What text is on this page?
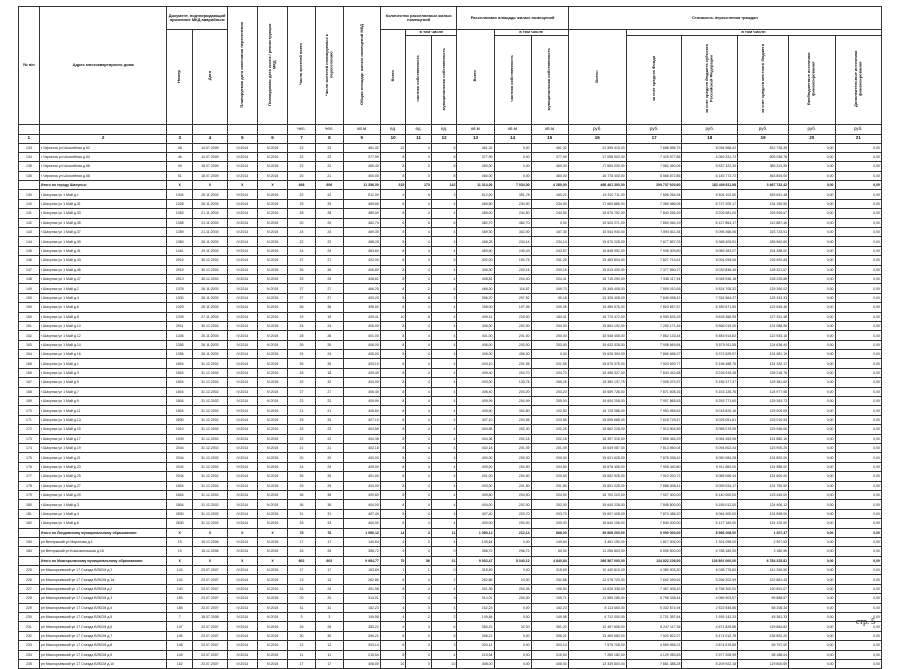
№ п/п	Адрес многоквартирного дома	Документ, подтверждающий признание МКД аварийным		Планируемая дата окончания переселения	Планируемая дата сноса / реконструкции МКД	Число жителей всего	Число жителей планируемых к переселению	Общая площадь жилых помещений МКД	Количество расселяемых жилых помещений			Расселяемая площадь жилых помещений			Стоимость переселения граждан					
		Номер	Дата						Всего	в том числе		Всего	в том числе		Всего:	в том числе:				
										частная собственность	муниципальная собственность		частная собственность	муниципальная собственность		за счет средств Фонда	за счет средств бюджета субъекта Российской Федерации	за счет средств местного бюджета	Внебюджетные источники финансирования	Дополнительные источники финансирования
						чел.	чел.	кв.м	ед.	ед.	ед.	кв.м	кв.м	кв.м	руб.	руб.	руб.	руб.	руб.	руб.
1	2	3	4	5	6	7	8	9	10	11	12	13	14	15	16	17	18	19	20	21
133	г Черкесск ул Шоссейная д.52	48	14.07.2009	IV.2014	IV.2015	22	22	461,32	12	4	8	461,32	0,00	461,32	21 599 410,00	7 688 556,79	5 094 568,42	812 728,28	0,00	0,00
134	г Черкесск ул Шоссейная д.54	46	14.07.2009	IV.2014	IV.2015	22	22	377,99	8	0	8	377,99	0,00	377,99	17 058 900,00	7 429 977,86	4 069 331,72	805 036,76	0,00	0,00
135	г Черкесск ул Шоссейная д.56	49	18.07.2009	IV.2014	IV.2015	22	22	460,40	8	0	8	460,00	0,00	460,00	17 669 000,00	7 962 450,05	5 537 322,30	389 312,95	0,00	0,00
136	г Черкесск ул Шоссейная д.58	51	18.07.2009	IV.2014	IV.2015	20	21	460,00	8	0	8	460,00	0,00	460,00	16 778 400,00	8 568 872,86	6 145 773,72	463 893,00	0,00	0,00
	Итого по городу Шахунья:	X	X	X	X	646	606	11 356,00	315	173	142	11 314,00	7 034,00	4 280,00	468 461 300,00	209 737 920,60	182 409 811,98	3 667 732,42	0,00	0,00
139	г Шахунья ул 1 Май д.1	1304	25.11.2003	IV.2014	IV.2015	22	22	512,00	9	6	3	512,00	351,78	160,22	19 310 711,00	7 506 264,94	5 504 102,60	525 631,48	0,00	0,00
140	г Шахунья ул 1 Май д.31	1328	26.11.2003	IV.2014	IV.2015	29	29	469,65	8	4	4	469,80	234,90	234,90	17 660 886,00	7 359 986,05	5 727 200,17	134 150,50	0,00	0,00
141	г Шахунья ул 1 Май д.33	1353	21.11.2003	IV.2014	IV.2015	28	28	489,00	8	4	4	489,00	244,50	244,50	15 676 752,00	7 840 265,29	5 209 581,04	226 905,67	0,00	0,00
142	г Шахунья ул 1 Май д.35	1358	21.11.2003	IV.2014	IV.2015	20	20	482,70	6	6	6	482,70	482,70	0,00	15 520 271,00	7 850 064,19	5 127 864,17	112 887,46	0,00	0,00
143	г Шахунья ул 1 Май д.37	1359	21.11.2003	IV.2014	IV.2015	24	24	469,30	8	4	4	469,30	302,00	167,30	15 544 940,00	7 890 811,34	5 096 366,06	223 723,51	0,00	0,00
144	г Шахунья ул 1 Май д.39	1360	26.11.2003	IV.2014	IV.2015	22	22	468,25	8	4	4	468,28	234,14	234,14	15 670 228,00	7 677 897,03	5 368 409,51	185 962,60	0,00	0,00
145	г Шахунья ул 1 Май д.41	1461	29.11.2003	IV.2014	IV.2015	24	24	483,60	8	4	4	483,60	240,03	243,57	15 848 952,00	7 935 309,80	5 089 283,07	224 288,00	0,00	0,00
146	г Шахунья ул 1 Май д.43	2916	30.12.2002	IV.2014	IV.2015	27	27	402,00	8	3	5	402,00	150,75	251,25	15 483 804,00	7 827 714,61	5 004 099,06	126 992,65	0,00	0,00
147	г Шахунья ул 1 Май д.45	2915	30.12.2002	IV.2014	IV.2015	26	26	406,80	8	4	4	406,30	203,15	203,15	15 613 400,00	7 377 960,27	5 033 846,40	128 321,67	0,00	0,00
148	г Шахунья ул 1 Май д.47	2913	30.12.2002	IV.2014	IV.2015	25	25	408,81	8	4	4	408,81	204,40	204,41	15 715 290,00	7 938 117,94	5 048 946,18	128 225,88	0,00	0,00
149	г Шахунья ул 1 Май д.2	1378	26.11.2003	IV.2014	IV.2015	27	27	466,25	8	2	6	466,30	116,57	349,73	15 346 408,00	7 809 010,65	5 524 705,32	125 260,02	0,00	0,00
150	г Шахунья ул 1 Май д.4	1330	26.11.2003	IV.2014	IV.2015	27	27	400,20	8	6	2	396,70	297,52	99,18	15 326 408,00	7 849 058,42	7 324 564,37	125 343,33	0,00	0,00
159	г Шахунья ул 1 Май д.6	1329	26.11.2003	IV.2014	IV.2015	36	36	398,00	8	4	4	398,00	197,95	200,05	15 489 976,00	7 823 657,67	6 359 671,50	122 645,46	0,00	0,00
160	г Шахунья ул 1 Май д.8	1339	27.11.2003	IV.2014	IV.2015	19	19	409,41	10	6	4	409,41	225,00	184,41	15 770 472,00	6 990 625,15	5 628 366,95	127 331,48	0,00	0,00
161	г Шахунья ул 1 Май д.10	2911	30.12.2002	IV.2014	IV.2015	24	24	406,00	8	4	4	406,00	202,00	204,00	15 664 192,00	7 292 171,46	5 566 019,00	124 086,96	0,00	0,00
162	г Шахунья ул 1 Май д.12	1336	26.11.2003	IV.2014	IV.2015	28	28	401,00	8	4	4	401,00	201,00	200,00	15 548 408,00	7 862 133,44	5 583 914,62	122 933,16	0,00	0,00
163	г Шахунья ул 1 Май д.14	1355	26.11.2003	IV.2014	IV.2015	26	26	406,00	8	4	4	406,00	203,00	203,00	15 632 328,00	7 908 669,84	5 579 911,55	124 636,44	0,00	0,00
164	г Шахунья ул 1 Май д.16	1356	26.11.2003	IV.2014	IV.2015	24	24	406,00	8	4	4	406,00	406,00	0,00	15 626 394,00	7 865 696,27	5 372 829,57	124 981,19	0,00	0,00
165	г Шахунья ул 1 Май д.1	1804	31.12.2002	IV.2014	IV.2015	26	26	403,10	8	4	4	403,10	201,55	201,55	15 676 375,00	7 924 690,77	5 198 488,76	124 332,17	0,00	0,00
166	г Шахунья ул 1 Май д.3	1804	31.12.2002	IV.2014	IV.2015	18	18	409,40	8	4	4	409,40	204,70	204,70	15 456 327,00	7 843 442,68	5 226 915,48	128 218,76	0,00	0,00
167	г Шахунья ул 1 Май д.5	1804	31.12.2002	IV.2014	IV.2015	32	32	403,00	8	4	4	403,00	133,75	269,25	15 380 137,75	7 908 379,37	5 156 377,37	125 381,60	0,00	0,00
168	г Шахунья ул 1 Май д.7	1804	31.12.2002	IV.2014	IV.2015	27	27	406,40	8	4	4	406,40	203,20	203,20	15 659 728,00	7 871 608,16	5 163 126,76	124 977,98	0,00	0,00
169	г Шахунья ул 1 Май д.9	1804	31.12.2002	IV.2014	IV.2015	22	22	409,99	8	4	4	409,99	204,99	205,00	15 600 208,00	7 907 865,53	5 253 771,60	125 263,73	0,00	0,00
170	г Шахунья ул 1 Май д.11	1804	31.12.2002	IV.2014	IV.2015	21	21	405,60	8	4	4	405,60	302,80	102,80	15 725 088,00	7 953 956,52	5 018 820,16	125 009,05	0,00	0,00
171	г Шахунья ул 1 Май д.13	2830	31.12.2002	IV.2014	IV.2015	25	25	407,10	8	4	4	407,10	203,55	203,55	15 695 688,00	7 618 725,47	5 025 051,61	125 010,93	0,00	0,00
172	г Шахунья ул 1 Май д.15	1910	31.12.2002	IV.2014	IV.2015	23	23	404,55	8	4	4	404,55	202,30	202,25	15 662 228,00	7 913 904,89	5 085 079,95	125 946,06	0,00	0,00
173	г Шахунья ул 1 Май д.17	1939	31.12.2002	IV.2014	IV.2015	22	22	404,36	8	4	4	404,36	202,18	202,18	15 397 315,00	7 855 464,29	5 064 453,96	124 880,16	0,00	0,00
174	г Шахунья ул 1 Май д.19	2044	31.12.2002	IV.2014	IV.2015	21	21	402,18	8	4	4	402,18	201,09	201,09	15 649 087,00	7 813 560,04	5 094 802,44	123 905,25	0,00	0,00
175	г Шахунья ул 1 Май д.21	2044	31.12.2002	IV.2014	IV.2015	20	20	400,00	8	4	4	400,00	200,00	200,00	15 621 628,00	7 875 036,42	5 050 084,28	124 892,00	0,00	0,00
176	г Шахунья ул 1 Май д.23	2044	31.12.2002	IV.2014	IV.2015	24	24	409,00	8	4	4	409,00	204,50	204,50	15 676 408,00	7 905 440,80	5 011 660,00	124 986,00	0,00	0,00
177	г Шахунья ул 1 Май д.25	2044	31.12.2002	IV.2014	IV.2015	26	26	401,00	8	4	4	401,00	200,50	200,50	15 652 928,00	7 910 200,72	5 085 069,44	124 600,00	0,00	0,00
178	г Шахунья ул 1 Май д.27	1804	31.12.2002	IV.2014	IV.2015	29	29	403,00	8	4	4	403,00	201,50	201,50	15 651 228,00	7 888 008,41	5 059 034,17	124 750,50	0,00	0,00
179	г Шахунья ул 1 Май д.29	1804	31.12.2002	IV.2014	IV.2015	36	36	409,80	8	4	4	409,80	204,90	204,90	15 700 220,00	7 927 400,00	5 140 000,00	125 440,00	0,00	0,00
180	г Шахунья ул 1 Май д.3	1804	31.12.2002	IV.2014	IV.2015	36	36	404,00	8	4	4	404,00	202,00	202,00	15 640 228,00	7 848 800,00	5 155 012,00	124 406,12	0,00	0,00
181	г Шахунья ул 1 Май д.4	2830	31.12.2002	IV.2014	IV.2015	31	31	407,40	8	4	4	407,40	203,70	203,70	15 697 408,00	7 870 486,20	5 064 000,00	124 898,00	0,00	0,00
182	г Шахунья ул 1 Май д.6	2830	31.12.2002	IV.2014	IV.2015	33	33	400,00	8	4	4	400,00	200,00	200,00	15 640 108,00	7 840 000,00	5 127 160,00	124 120,00	0,00	0,00
	Итого по Линдовскому муниципальному образованию:	X	X	X	X	78	78	1 080,12	14	3	11	1 080,12	212,14	868,00	39 808 200,00	9 990 003,00	8 966 208,00	1 207,37	0,00	0,00
183	рп Ветлужский ул Миронова д.1	15	15.12.2006	IV.2014	IV.2015	17	17	149,64	4	0	4	149,64	0,00	149,64	3 461 150,00	1 817 004,00	1 324 058,00	2 907,53	0,00	0,00
184	рп Ветлужский ул Комсомольская д.18	19	15.12.2006	IV.2014	IV.2015	26	26	356,72	4	4	0	356,72	296,72	60,00	11 256 800,00	5 595 500,00	4 788 180,00	3 180,96	0,00	0,00
	Итого по Мэжгорьевскому муниципальному образованию:	X	X	X	X	602	602	9 984,77	75	56	21	9 932,47	5 040,12	4 840,84	266 567 000,00	134 822 226,00	126 891 000,00	6 784 225,81	0,00	0,00
225	рп Мэжгорьевский ул 17 Съезда ВЛКСМ д.1	143	23.07.2007	IV.2014	IV.2015	17	17	163,69	1	1	0	315,69	0,00	315,69	10 440 810,00	4 380 903,30	6 038 775,60	141 390,50	0,00	0,00
226	рп Мэжгорьевский ул 17 Съезда ВЛКСМ д.1а	142	23.07.2007	IV.2014	IV.2015	13	13	262,86	6	4	2	262,86	10,00	252,86	12 078 720,00	7 692 090,62	5 266 202,99	122 881,43	0,00	0,00
227	рп Мэжгорьевский ул 17 Съезда ВЛКСМ д.2	140	23.07.2007	IV.2014	IV.2015	24	24	401,98	8	4	4	401,36	204,36	196,90	14 626 338,00	7 467 406,43	6 758 300,00	130 691,07	0,00	0,00
228	рп Мэжгорьевский ул 17 Съезда ВЛКСМ д.3	183	23.07.2007	IV.2014	IV.2015	20	20	314,01	7	4	3	314,01	204,30	109,71	11 569 185,00	5 798 338,44	4 056 903,57	95 688,87	0,00	0,00
229	рп Мэжгорьевский ул 17 Съезда ВЛКСМ д.4	185	23.07.2007	IV.2014	IV.2015	31	31	162,23	4	0	4	162,23	0,00	162,23	8 113 660,00	5 332 574,94	2 522 545,86	58 208,34	0,00	0,00
230	рп Мэжгорьевский ул 17 Съезда ВЛКСМ д.5	7	18.07.2008	IV.2014	IV.2015	3	3	149,58	4	2	2	149,58	0,00	149,58	4 712 000,00	2 721 357,64	1 939 142,20	45 361,33	0,00	0,00
231	рп Мэжгорьевский ул 17 Съезда ВЛКСМ д.6	147	23.07.2007	IV.2014	IV.2015	26	26	383,22	9	3	6	383,22	32,00	351,22	12 457 608,00	6 247 117,36	4 671 825,88	129 684,82	0,00	0,00
232	рп Мэжгорьевский ул 17 Съезда ВЛКСМ д.7	145	23.07.2007	IV.2014	IV.2015	30	30	396,21	8	0	8	396,21	0,00	396,21	13 469 580,00	7 920 822,27	5 474 012,78	136 892,20	0,00	0,00
233	рп Мэжгорьевский ул 17 Съезда ВЛКСМ д.8	148	23.07.2007	IV.2014	IV.2015	12	12	303,14	6	3	3	303,14	0,00	303,14	7 575 708,00	4 590 965,21	2 874 676,65	95 797,00	0,00	0,00
234	рп Мэжгорьевский ул 17 Съезда ВЛКСМ д.9	149	23.07.2007	IV.2014	IV.2015	11	11	215,54	8	4	4	215,54	0,00	215,54	7 289 182,00	4 129 050,63	2 977 205,99	98 188,04	0,00	0,00
235	рп Мэжгорьевский ул 17 Съезда ВЛКСМ д.10	162	23.07.2007	IV.2014	IV.2015	17	17	408,00	10	0	10	408,00	0,00	408,00	13 339 800,00	7 861 388,28	5 209 922,18	129 600,69	0,00	0,00
стр. 5
